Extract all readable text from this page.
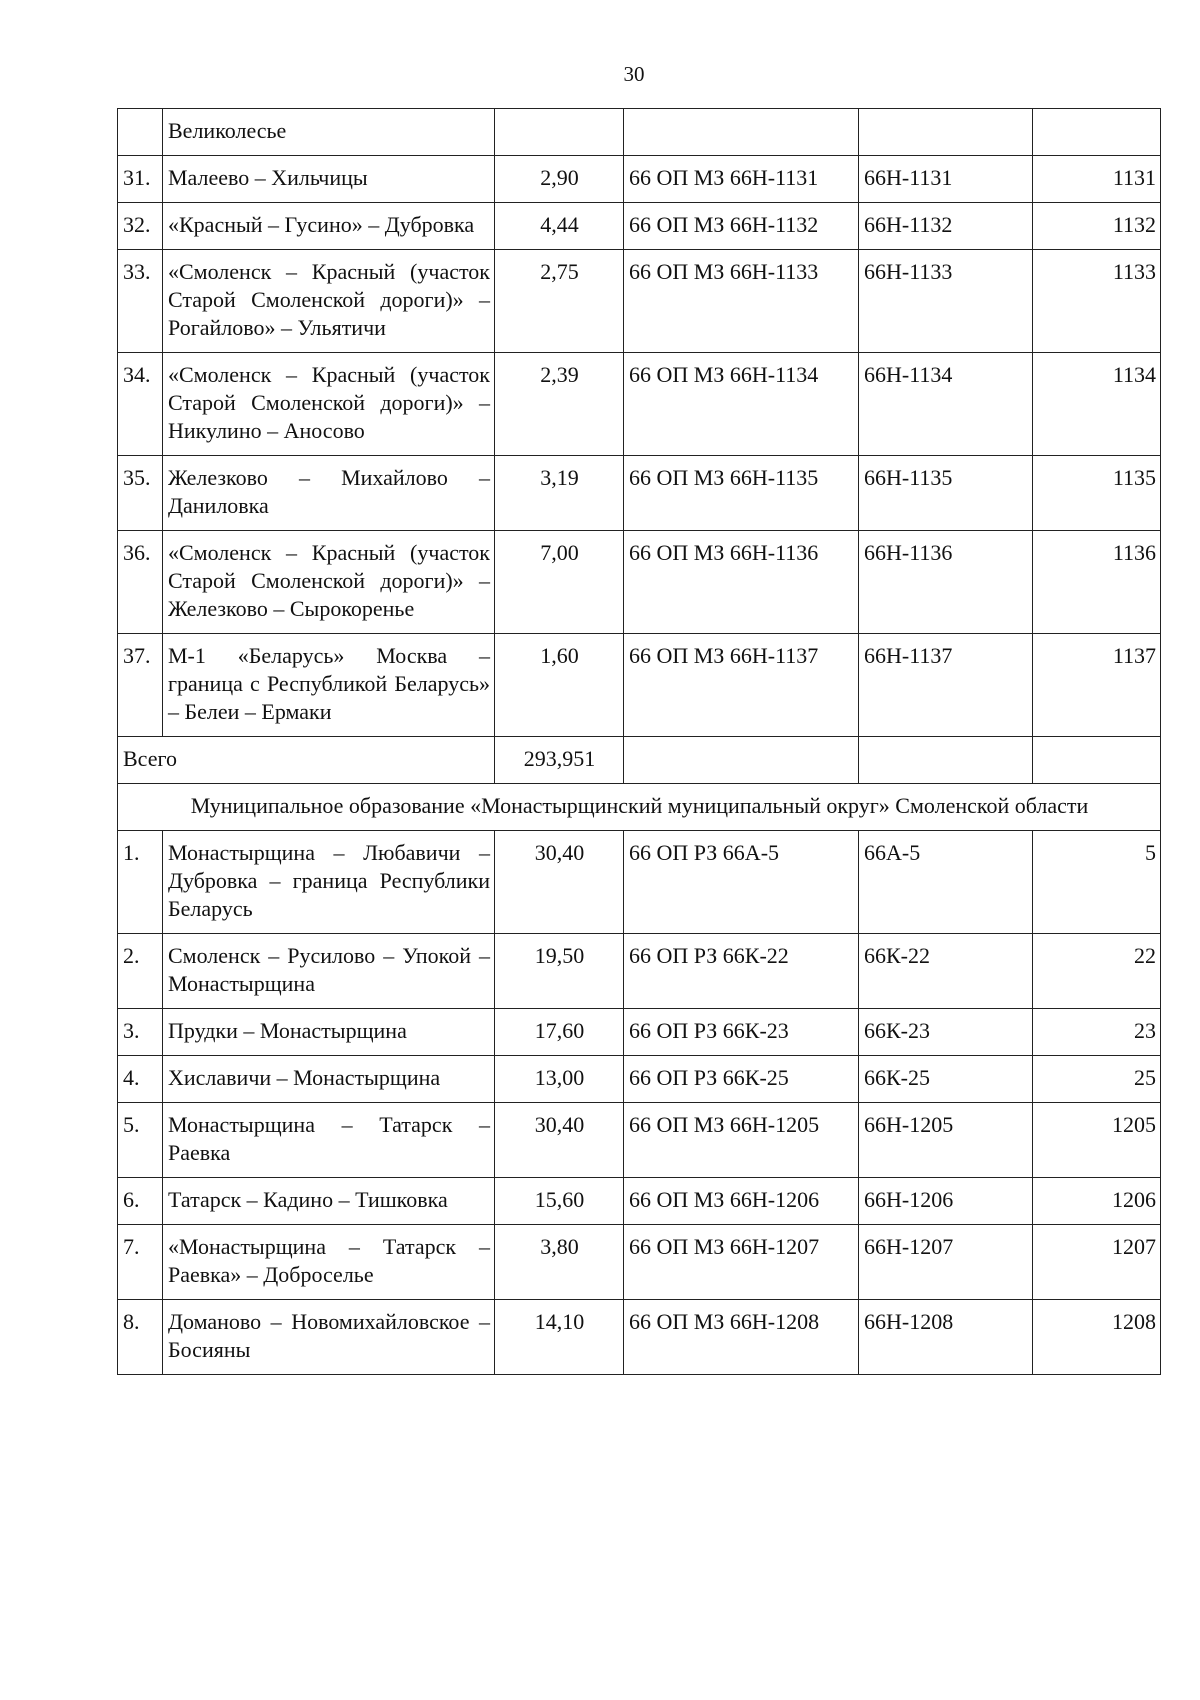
30
	Великолесье				
31.	Малеево – Хильчицы	2,90	66 ОП МЗ 66Н-1131	66Н-1131	1131
32.	«Красный – Гусино» – Дубровка	4,44	66 ОП МЗ 66Н-1132	66Н-1132	1132
33.	«Смоленск – Красный (участок Старой Смоленской дороги)» – Рогайлово» – Ульятичи	2,75	66 ОП МЗ 66Н-1133	66Н-1133	1133
34.	«Смоленск – Красный (участок Старой Смоленской дороги)» – Никулино – Аносово	2,39	66 ОП МЗ 66Н-1134	66Н-1134	1134
35.	Железково – Михайлово – Даниловка	3,19	66 ОП МЗ 66Н-1135	66Н-1135	1135
36.	«Смоленск – Красный (участок Старой Смоленской дороги)» – Железково – Сырокоренье	7,00	66 ОП МЗ 66Н-1136	66Н-1136	1136
37.	М-1 «Беларусь» Москва – граница с Республикой Беларусь» – Белеи – Ермаки	1,60	66 ОП МЗ 66Н-1137	66Н-1137	1137
Всего		293,951			
Муниципальное образование «Монастырщинский муниципальный округ» Смоленской области					
1.	Монастырщина – Любавичи – Дубровка – граница Республики Беларусь	30,40	66 ОП РЗ 66А-5	66А-5	5
2.	Смоленск – Русилово – Упокой – Монастырщина	19,50	66 ОП РЗ 66К-22	66К-22	22
3.	Прудки – Монастырщина	17,60	66 ОП РЗ 66К-23	66К-23	23
4.	Хиславичи – Монастырщина	13,00	66 ОП РЗ 66К-25	66К-25	25
5.	Монастырщина – Татарск – Раевка	30,40	66 ОП МЗ 66Н-1205	66Н-1205	1205
6.	Татарск – Кадино – Тишковка	15,60	66 ОП МЗ 66Н-1206	66Н-1206	1206
7.	«Монастырщина – Татарск – Раевка» – Доброселье	3,80	66 ОП МЗ 66Н-1207	66Н-1207	1207
8.	Доманово – Новомихайловское – Босияны	14,10	66 ОП МЗ 66Н-1208	66Н-1208	1208
